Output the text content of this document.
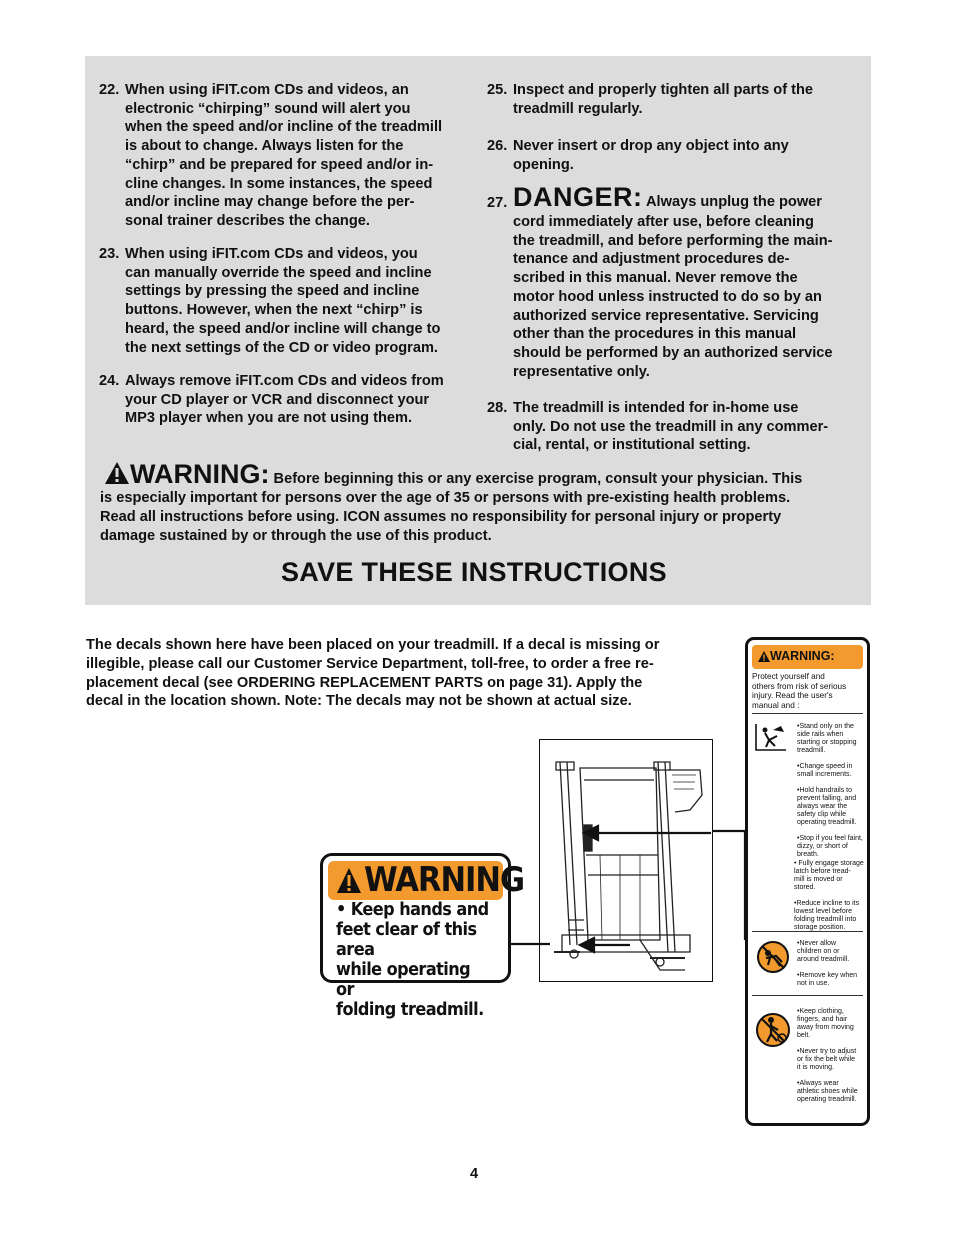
22. When using iFIT.com CDs and videos, an
electronic “chirping” sound will alert you
when the speed and/or incline of the treadmill
is about to change. Always listen for the
“chirp” and be prepared for speed and/or in-
cline changes. In some instances, the speed
and/or incline may change before the per-
sonal trainer describes the change.
23. When using iFIT.com CDs and videos, you
can manually override the speed and incline
settings by pressing the speed and incline
buttons. However, when the next “chirp” is
heard, the speed and/or incline will change to
the next settings of the CD or video program.
24. Always remove iFIT.com CDs and videos from
your CD player or VCR and disconnect your
MP3 player when you are not using them.
25. Inspect and properly tighten all parts of the
treadmill regularly.
26. Never insert or drop any object into any
opening.
27. DANGER: Always unplug the power
cord immediately after use, before cleaning
the treadmill, and before performing the main-
tenance and adjustment procedures de-
scribed in this manual. Never remove the
motor hood unless instructed to do so by an
authorized service representative. Servicing
other than the procedures in this manual
should be performed by an authorized service
representative only.
28. The treadmill is intended for in-home use
only. Do not use the treadmill in any commer-
cial, rental, or institutional setting.
WARNING: Before beginning this or any exercise program, consult your physician. This
is especially important for persons over the age of 35 or persons with pre-existing health problems.
Read all instructions before using. ICON assumes no responsibility for personal injury or property
damage sustained by or through the use of this product.
SAVE THESE INSTRUCTIONS
The decals shown here have been placed on your treadmill. If a decal is missing or
illegible, please call our Customer Service Department, toll-free, to order a free re-
placement decal (see ORDERING REPLACEMENT PARTS on page 31). Apply the
decal in the location shown. Note: The decals may not be shown at actual size.
WARNING
• Keep hands and
feet clear of this area
while operating or
folding treadmill.
WARNING:
Protect yourself and
others from risk of serious
injury. Read the user's
manual and :
•Stand only on the
side rails when
starting or stopping
treadmill.

•Change speed in
small increments.

•Hold handrails to
prevent falling, and
always wear the
safety clip while
operating treadmill.

•Stop if you feel faint,
dizzy, or short of
breath.
• Fully engage storage
latch before tread-
mill is moved or
stored.

•Reduce incline to its
lowest level before
folding treadmill into
storage position.
•Never allow
children on or
around treadmill.

•Remove key when
not in use.
•Keep clothing,
fingers, and hair
away from moving
belt.

•Never try to adjust
or fix the belt while
it is moving.

•Always wear
athletic shoes while
operating treadmill.
4
